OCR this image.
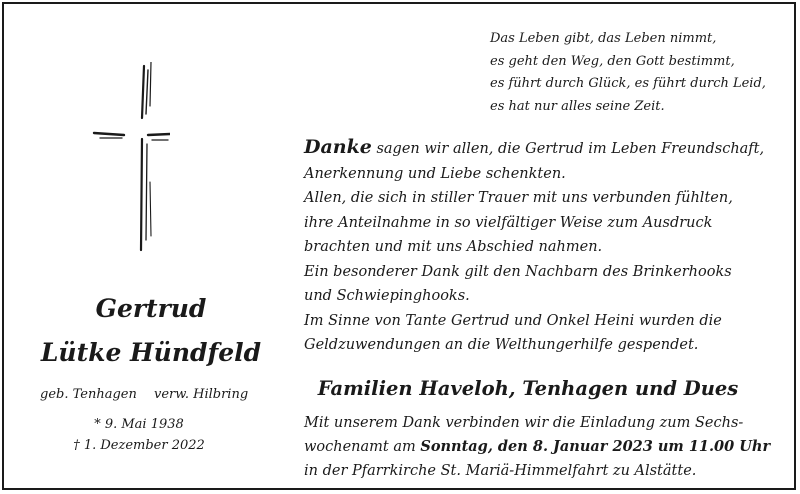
Das Leben gibt, das Leben nimmt,
es geht den Weg, den Gott bestimmt,
es führt durch Glück, es führt durch Leid,
es hat nur alles seine Zeit.
Gertrud
Lütke Hündfeld
geb. Tenhagen verw. Hilbring
* 9. Mai 1938
† 1. Dezember 2022
Danke sagen wir allen, die Gertrud im Leben Freundschaft,
Anerkennung und Liebe schenkten.
Allen, die sich in stiller Trauer mit uns verbunden fühlten,
ihre Anteilnahme in so vielfältiger Weise zum Ausdruck
brachten und mit uns Abschied nahmen.
Ein besonderer Dank gilt den Nachbarn des Brinkerhooks
und Schwiepinghooks.
Im Sinne von Tante Gertrud und Onkel Heini wurden die
Geldzuwendungen an die Welthungerhilfe gespendet.
Familien Haveloh, Tenhagen und Dues
Mit unserem Dank verbinden wir die Einladung zum Sechs-
wochenamt am Sonntag, den 8. Januar 2023 um 11.00 Uhr
in der Pfarrkirche St. Mariä-Himmelfahrt zu Alstätte.
